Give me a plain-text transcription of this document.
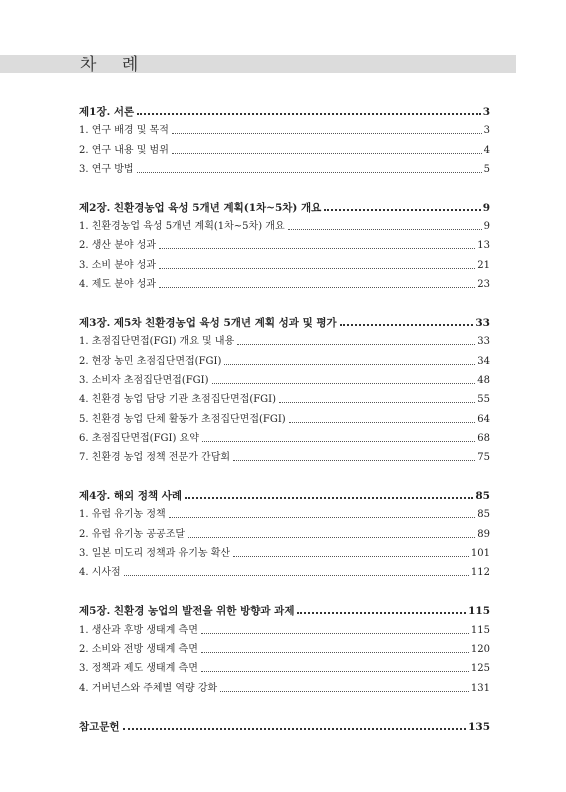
차 례
제1장. 서론	3
1. 연구 배경 및 목적	3
2. 연구 내용 및 범위	4
3. 연구 방법	5
제2장. 친환경농업 육성 5개년 계획(1차~5차) 개요	9
1. 친환경농업 육성 5개년 계획(1차~5차) 개요	9
2. 생산 분야 성과	13
3. 소비 분야 성과	21
4. 제도 분야 성과	23
제3장. 제5차 친환경농업 육성 5개년 계획 성과 및 평가	33
1. 초점집단면접(FGI) 개요 및 내용	33
2. 현장 농민 초점집단면접(FGI)	34
3. 소비자 초점집단면접(FGI)	48
4. 친환경 농업 담당 기관 초점집단면접(FGI)	55
5. 친환경 농업 단체 활동가 초점집단면접(FGI)	64
6. 초점집단면접(FGI) 요약	68
7. 친환경 농업 정책 전문가 간담회	75
제4장. 해외 정책 사례	85
1. 유럽 유기농 정책	85
2. 유럽 유기농 공공조달	89
3. 일본 미도리 정책과 유기농 확산	101
4. 시사점	112
제5장. 친환경 농업의 발전을 위한 방향과 과제	115
1. 생산과 후방 생태계 측면	115
2. 소비와 전방 생태계 측면	120
3. 정책과 제도 생태계 측면	125
4. 거버넌스와 주체별 역량 강화	131
참고문헌	135
